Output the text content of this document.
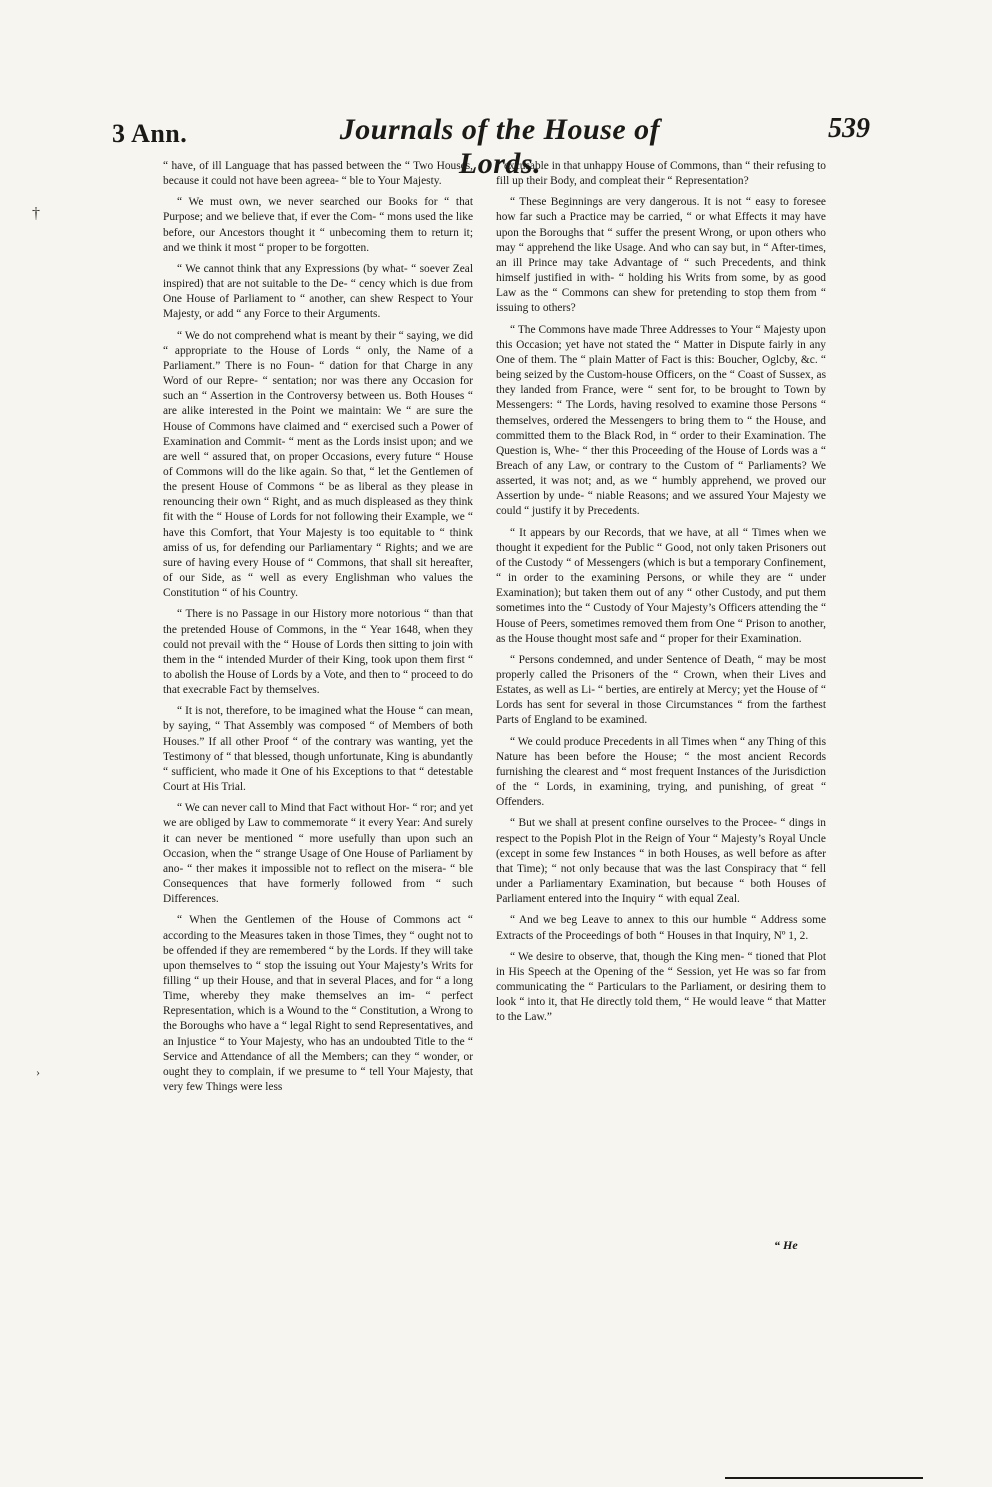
3 Ann.	Journals of the House of Lords.
539
†
›

“ have, of ill Language that has passed between the “ Two Houses, because it could not have been agreea- “ ble to Your Majesty.

“ We must own, we never searched our Books for “ that Purpose; and we believe that, if ever the Com- “ mons used the like before, our Ancestors thought it “ unbecoming them to return it; and we think it most “ proper to be forgotten.

“ We cannot think that any Expressions (by what- “ soever Zeal inspired) that are not suitable to the De- “ cency which is due from One House of Parliament to “ another, can shew Respect to Your Majesty, or add “ any Force to their Arguments.

“ We do not comprehend what is meant by their “ saying, we did “ appropriate to the House of Lords “ only, the Name of a Parliament.” There is no Foun- “ dation for that Charge in any Word of our Repre- “ sentation; nor was there any Occasion for such an “ Assertion in the Controversy between us. Both Houses “ are alike interested in the Point we maintain: We “ are sure the House of Commons have claimed and “ exercised such a Power of Examination and Commit- “ ment as the Lords insist upon; and we are well “ assured that, on proper Occasions, every future “ House of Commons will do the like again. So that, “ let the Gentlemen of the present House of Commons “ be as liberal as they please in renouncing their own “ Right, and as much displeased as they think fit with the “ House of Lords for not following their Example, we “ have this Comfort, that Your Majesty is too equitable to “ think amiss of us, for defending our Parliamentary “ Rights; and we are sure of having every House of “ Commons, that shall sit hereafter, of our Side, as “ well as every Englishman who values the Constitution “ of his Country.

“ There is no Passage in our History more notorious “ than that the pretended House of Commons, in the “ Year 1648, when they could not prevail with the “ House of Lords then sitting to join with them in the “ intended Murder of their King, took upon them first “ to abolish the House of Lords by a Vote, and then to “ proceed to do that execrable Fact by themselves.

“ It is not, therefore, to be imagined what the House “ can mean, by saying, “ That Assembly was composed “ of Members of both Houses.” If all other Proof “ of the contrary was wanting, yet the Testimony of “ that blessed, though unfortunate, King is abundantly “ sufficient, who made it One of his Exceptions to that “ detestable Court at His Trial.

“ We can never call to Mind that Fact without Hor- “ ror; and yet we are obliged by Law to commemorate “ it every Year: And surely it can never be mentioned “ more usefully than upon such an Occasion, when the “ strange Usage of One House of Parliament by ano- “ ther makes it impossible not to reflect on the misera- “ ble Consequences that have formerly followed from “ such Differences.

“ When the Gentlemen of the House of Commons act “ according to the Measures taken in those Times, they “ ought not to be offended if they are remembered “ by the Lords. If they will take upon themselves to “ stop the issuing out Your Majesty’s Writs for filling “ up their House, and that in several Places, and for “ a long Time, whereby they make themselves an im- “ perfect Representation, which is a Wound to the “ Constitution, a Wrong to the Boroughs who have a “ legal Right to send Representatives, and an Injustice “ to Your Majesty, who has an undoubted Title to the “ Service and Attendance of all the Members; can they “ wonder, or ought they to complain, if we presume to “ tell Your Majesty, that very few Things were less

“ excusable in that unhappy House of Commons, than “ their refusing to fill up their Body, and compleat their “ Representation?

“ These Beginnings are very dangerous. It is not “ easy to foresee how far such a Practice may be carried, “ or what Effects it may have upon the Boroughs that “ suffer the present Wrong, or upon others who may “ apprehend the like Usage. And who can say but, in “ After-times, an ill Prince may take Advantage of “ such Precedents, and think himself justified in with- “ holding his Writs from some, by as good Law as the “ Commons can shew for pretending to stop them from “ issuing to others?

“ The Commons have made Three Addresses to Your “ Majesty upon this Occasion; yet have not stated the “ Matter in Dispute fairly in any One of them. The “ plain Matter of Fact is this: Boucher, Oglcby, &c. “ being seized by the Custom-house Officers, on the “ Coast of Sussex, as they landed from France, were “ sent for, to be brought to Town by Messengers: “ The Lords, having resolved to examine those Persons “ themselves, ordered the Messengers to bring them to “ the House, and committed them to the Black Rod, in “ order to their Examination. The Question is, Whe- “ ther this Proceeding of the House of Lords was a “ Breach of any Law, or contrary to the Custom of “ Parliaments? We asserted, it was not; and, as we “ humbly apprehend, we proved our Assertion by unde- “ niable Reasons; and we assured Your Majesty we could “ justify it by Precedents.

“ It appears by our Records, that we have, at all “ Times when we thought it expedient for the Public “ Good, not only taken Prisoners out of the Custody “ of Messengers (which is but a temporary Confinement, “ in order to the examining Persons, or while they are “ under Examination); but taken them out of any “ other Custody, and put them sometimes into the “ Custody of Your Majesty’s Officers attending the “ House of Peers, sometimes removed them from One “ Prison to another, as the House thought most safe and “ proper for their Examination.

“ Persons condemned, and under Sentence of Death, “ may be most properly called the Prisoners of the “ Crown, when their Lives and Estates, as well as Li- “ berties, are entirely at Mercy; yet the House of “ Lords has sent for several in those Circumstances “ from the farthest Parts of England to be examined.

“ We could produce Precedents in all Times when “ any Thing of this Nature has been before the House; “ the most ancient Records furnishing the clearest and “ most frequent Instances of the Jurisdiction of the “ Lords, in examining, trying, and punishing, of great “ Offenders.

“ But we shall at present confine ourselves to the Procee- “ dings in respect to the Popish Plot in the Reign of Your “ Majesty’s Royal Uncle (except in some few Instances “ in both Houses, as well before as after that Time); “ not only because that was the last Conspiracy that “ fell under a Parliamentary Examination, but because “ both Houses of Parliament entered into the Inquiry “ with equal Zeal.

“ And we beg Leave to annex to this our humble “ Address some Extracts of the Proceedings of both “ Houses in that Inquiry, Nº 1, 2.

“ We desire to observe, that, though the King men- “ tioned that Plot in His Speech at the Opening of the “ Session, yet He was so far from communicating the “ Particulars to the Parliament, or desiring them to look “ into it, that He directly told them, “ He would leave “ that Matter to the Law.”

“ He
